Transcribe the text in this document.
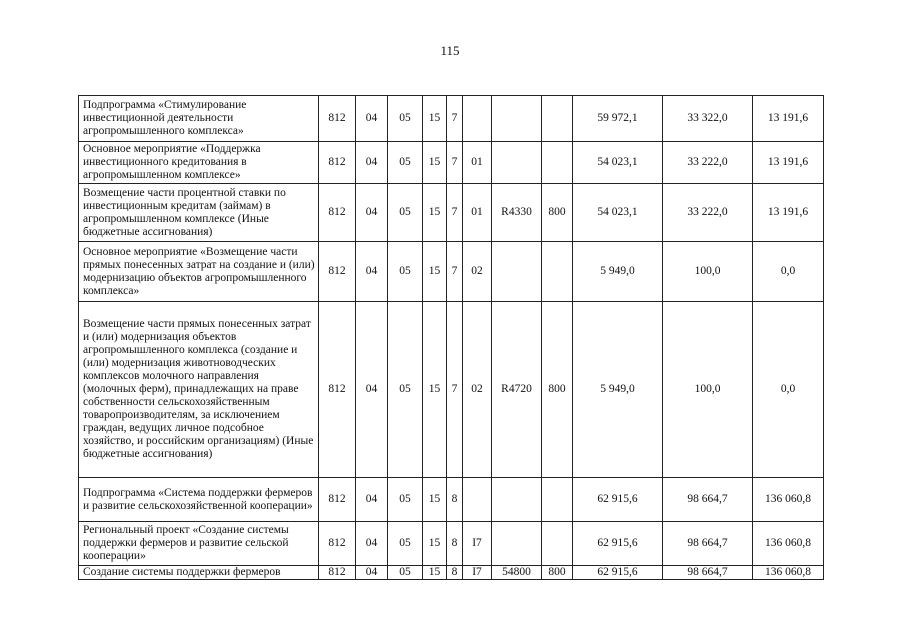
115
Подпрограмма «Стимулирование инвестиционной деятельности агропромышленного комплекса»	812	04	05	15	7				59 972,1	33 322,0	13 191,6
Основное мероприятие «Поддержка инвестиционного кредитования в агропромышленном комплексе»	812	04	05	15	7	01			54 023,1	33 222,0	13 191,6
Возмещение части процентной ставки по инвестиционным кредитам (займам) в агропромышленном комплексе (Иные бюджетные ассигнования)	812	04	05	15	7	01	R4330	800	54 023,1	33 222,0	13 191,6
Основное мероприятие «Возмещение части прямых понесенных затрат на создание и (или) модернизацию объектов агропромышленного комплекса»	812	04	05	15	7	02			5 949,0	100,0	0,0
Возмещение части прямых понесенных затрат и (или) модернизация объектов агропромышленного комплекса (создание и (или) модернизация животноводческих комплексов молочного направления (молочных ферм), принадлежащих на праве собственности сельскохозяйственным товаропроизводителям, за исключением граждан, ведущих личное подсобное хозяйство, и российским организациям) (Иные бюджетные ассигнования)	812	04	05	15	7	02	R4720	800	5 949,0	100,0	0,0
Подпрограмма «Система поддержки фермеров и развитие сельскохозяйственной кооперации»	812	04	05	15	8				62 915,6	98 664,7	136 060,8
Региональный проект «Создание системы поддержки фермеров и развитие сельской кооперации»	812	04	05	15	8	I7			62 915,6	98 664,7	136 060,8
Создание системы поддержки фермеров	812	04	05	15	8	I7	54800	800	62 915,6	98 664,7	136 060,8
